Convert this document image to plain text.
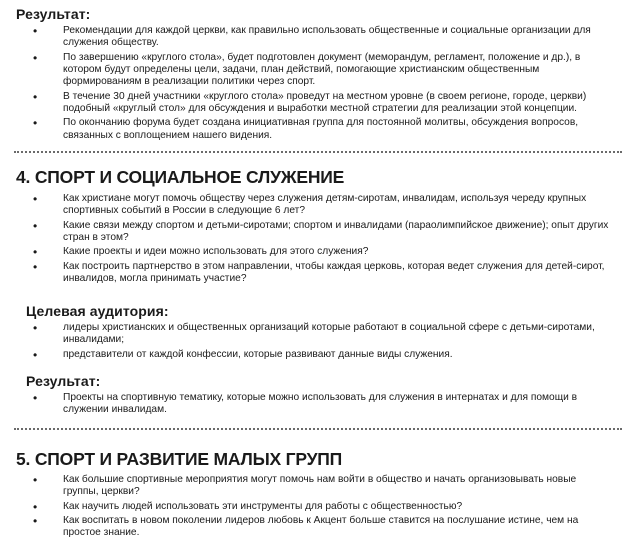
Результат:

• Рекомендации для каждой церкви, как правильно использовать общественные и социальные организации для служения обществу.
• По завершению «круглого стола», будет подготовлен документ (меморандум, регламент, положение и др.), в котором будут определены цели, задачи, план действий, помогающие христианским общественным формированиям в реализации политики через спорт.
• В течение 30 дней участники «круглого стола» проведут на местном уровне (в своем регионе, городе, церкви) подобный «круглый стол» для обсуждения и выработки местной стратегии для реализации этой концепции.
• По окончанию форума будет создана инициативная группа для постоянной молитвы, обсуждения вопросов, связанных с воплощением нашего видения.
4. СПОРТ И СОЦИАЛЬНОЕ СЛУЖЕНИЕ
• Как христиане могут помочь обществу через служения детям-сиротам, инвалидам, используя череду крупных спортивных событий в России в следующие 6 лет?
• Какие связи между спортом и детьми-сиротами; спортом и инвалидами (параолимпийское движение); опыт других стран в этом?
• Какие проекты и идеи можно использовать для этого служения?
• Как построить партнерство в этом направлении, чтобы каждая церковь, которая ведет служения для детей-сирот, инвалидов, могла принимать участие?

Целевая аудитория:

• лидеры христианских и общественных организаций которые работают в социальной сфере с детьми-сиротами, инвалидами;
• представители от каждой конфессии, которые развивают данные виды служения.

Результат:

• Проекты на спортивную тематику, которые можно использовать для служения в интернатах и для помощи в служении инвалидам.
5. СПОРТ И РАЗВИТИЕ МАЛЫХ ГРУПП
• Как большие спортивные мероприятия могут помочь нам войти в общество и начать организовывать новые группы, церкви?
• Как научить людей использовать эти инструменты для работы с общественностью?
• Как воспитать в новом поколении лидеров любовь к Акцент больше ставится на послушание истине, чем на простое знание.
